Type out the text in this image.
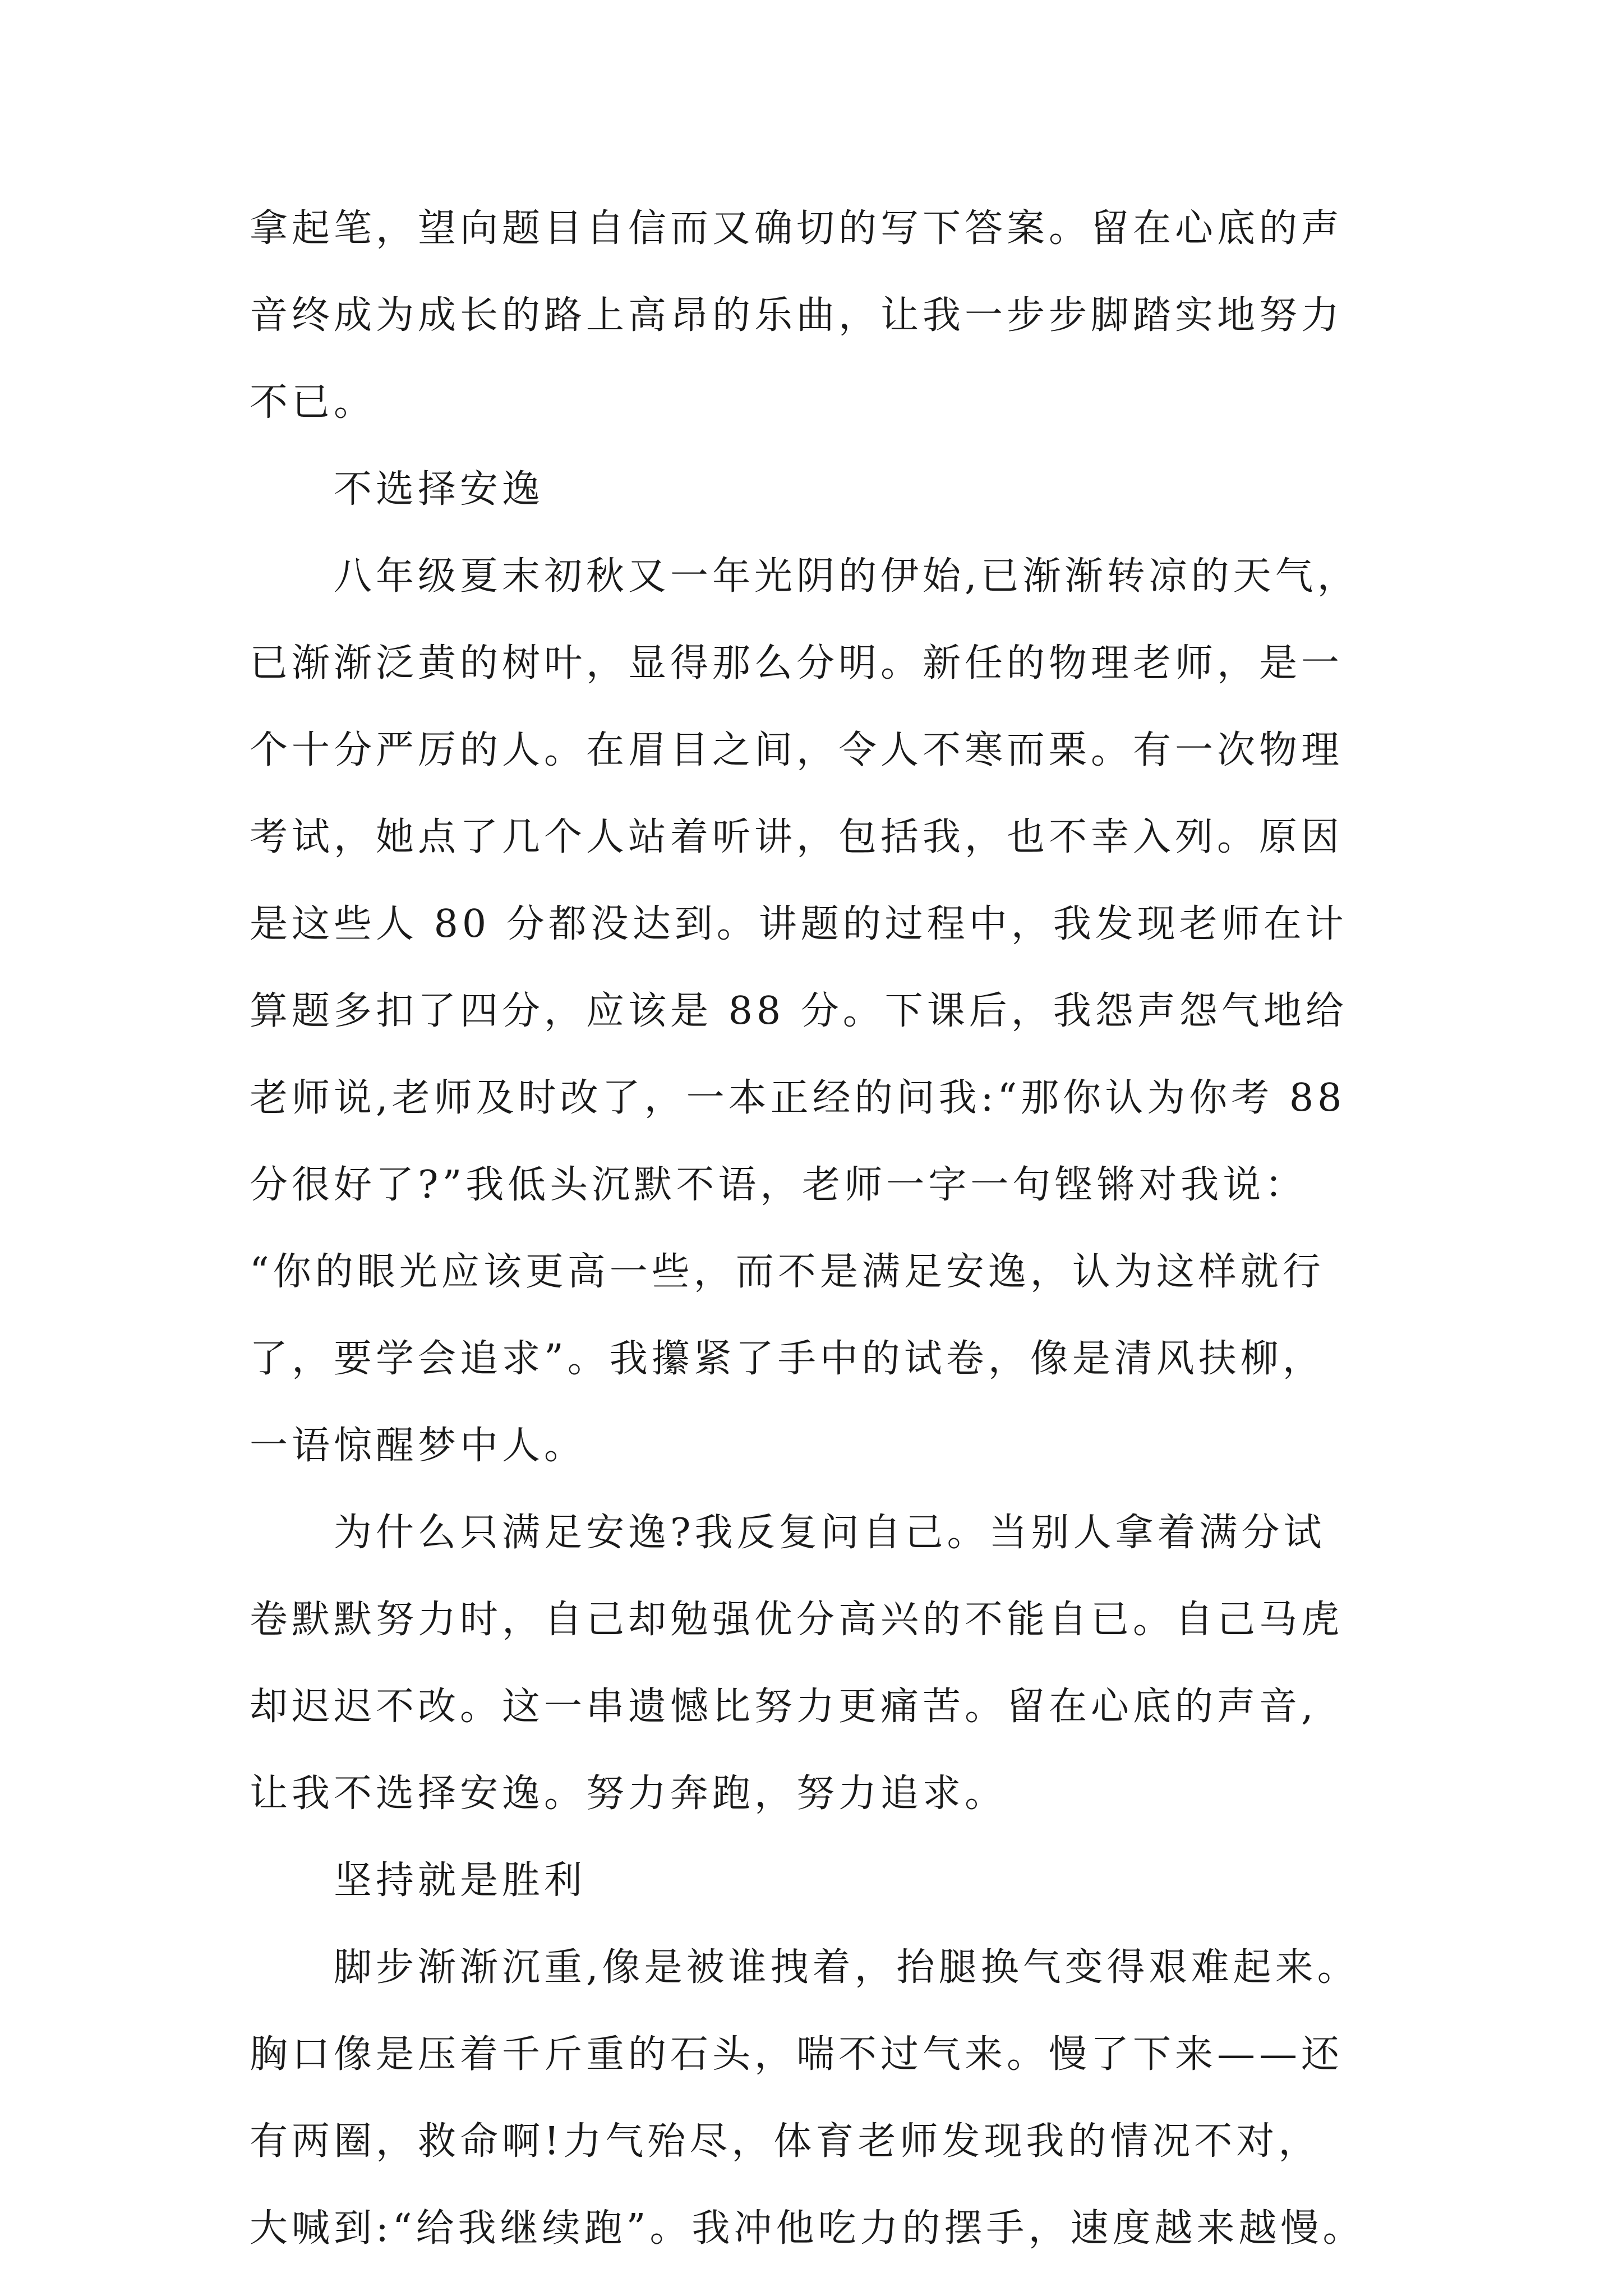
拿起笔，望向题目自信而又确切的写下答案。留在心底的声
音终成为成长的路上高昂的乐曲，让我一步步脚踏实地努力
不已。
不选择安逸
八年级夏末初秋又一年光阴的伊始,已渐渐转凉的天气，
已渐渐泛黄的树叶，显得那么分明。新任的物理老师，是一
个十分严厉的人。在眉目之间，令人不寒而栗。有一次物理
考试，她点了几个人站着听讲，包括我，也不幸入列。原因
是这些人 80 分都没达到。讲题的过程中，我发现老师在计
算题多扣了四分，应该是 88 分。下课后，我怨声怨气地给
老师说,老师及时改了，一本正经的问我:“那你认为你考 88
分很好了?”我低头沉默不语，老师一字一句铿锵对我说：
“你的眼光应该更高一些，而不是满足安逸，认为这样就行
了，要学会追求”。我攥紧了手中的试卷，像是清风扶柳，
一语惊醒梦中人。
为什么只满足安逸?我反复问自己。当别人拿着满分试
卷默默努力时，自己却勉强优分高兴的不能自已。自己马虎
却迟迟不改。这一串遗憾比努力更痛苦。留在心底的声音,
让我不选择安逸。努力奔跑，努力追求。
坚持就是胜利
脚步渐渐沉重,像是被谁拽着，抬腿换气变得艰难起来。
胸口像是压着千斤重的石头，喘不过气来。慢了下来——还
有两圈，救命啊!力气殆尽，体育老师发现我的情况不对，
大喊到:“给我继续跑”。我冲他吃力的摆手，速度越来越慢。
